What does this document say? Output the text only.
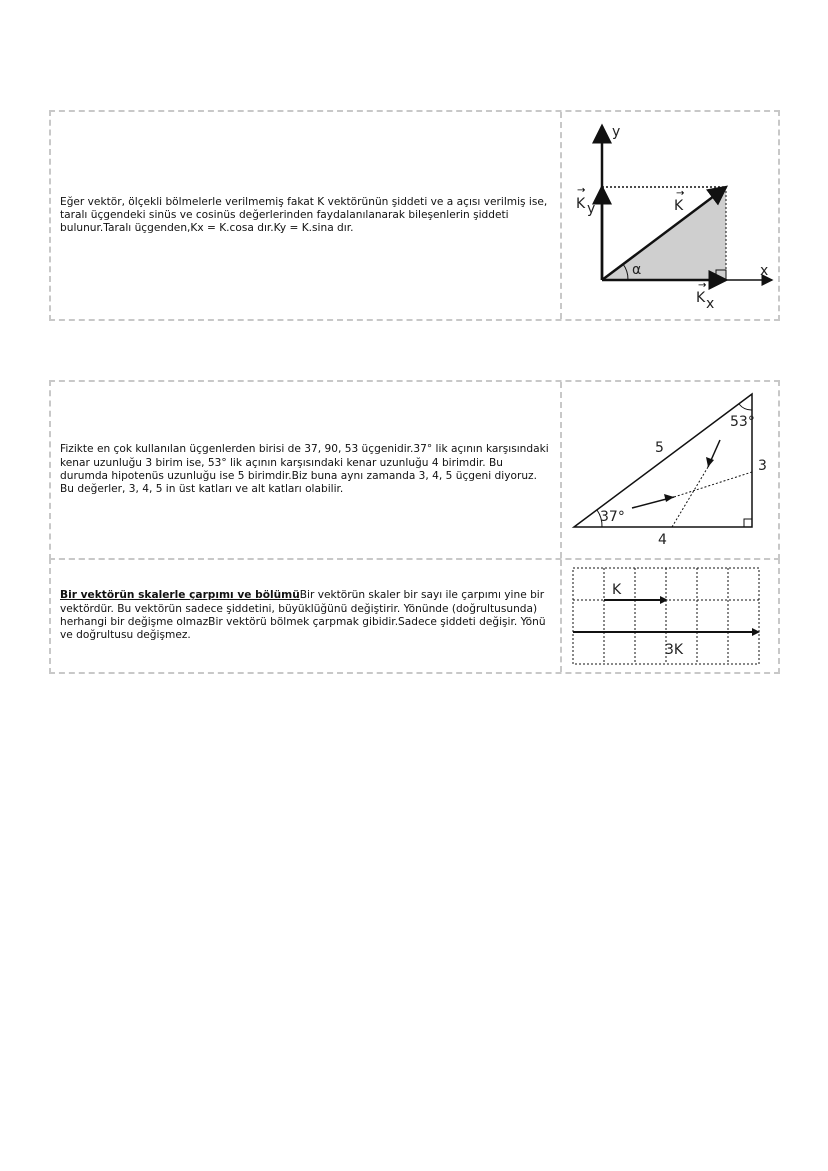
Eğer vektör, ölçekli bölmelerle verilmemiş fakat K vektörünün şiddeti ve a açısı verilmiş ise, taralı üçgendeki sinüs ve cosinüs değerlerinden faydalanılanarak bileşenlerin şiddeti bulunur.Taralı üçgenden,Kx = K.cosa dır.Ky = K.sina dır.
y
x
K
K y
K x
α
→
→
→
Fizikte en çok kullanılan üçgenlerden birisi de 37, 90, 53 üçgenidir.37° lik açının karşısındaki kenar uzunluğu 3 birim ise, 53° lik açının karşısındaki kenar uzunluğu 4 birimdir. Bu durumda hipotenüs uzunluğu ise 5 birimdir.Biz buna aynı zamanda 3, 4, 5 üçgeni diyoruz. Bu değerler, 3, 4, 5 in üst katları ve alt katları olabilir.
5
3
4
53°
37°
Bir vektörün skalerle çarpımı ve bölümüBir vektörün skaler bir sayı ile çarpımı yine bir vektördür. Bu vektörün sadece şiddetini, büyüklüğünü değiştirir. Yönünde (doğrultusunda) herhangi bir değişme olmazBir vektörü bölmek çarpmak gibidir.Sadece şiddeti değişir. Yönü ve doğrultusu değişmez.
K
3K
